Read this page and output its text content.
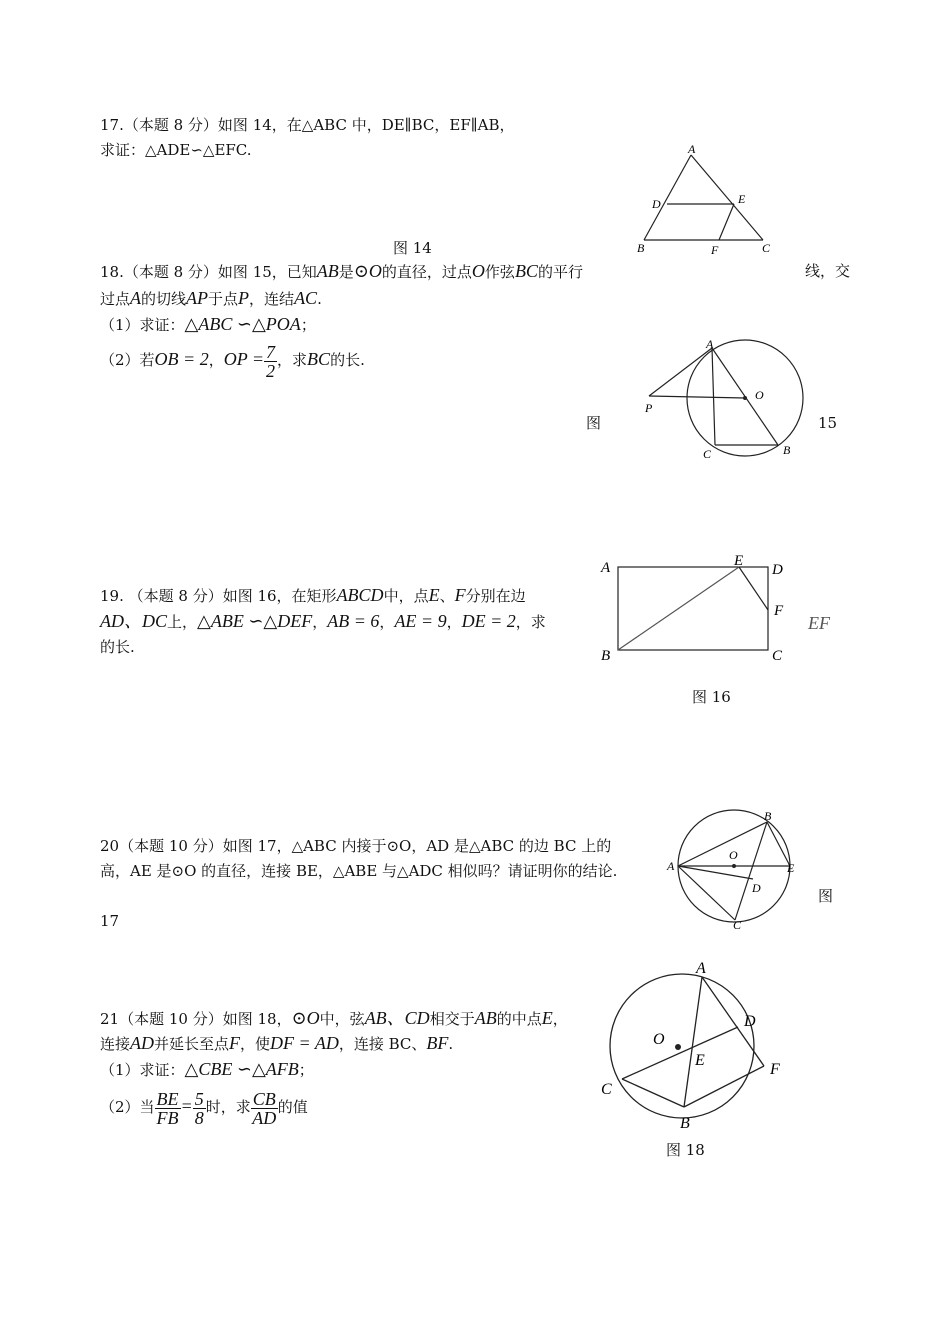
17.（本题 8 分）如图 14，在△ABC 中，DE∥BC，EF∥AB，
求证：△ADE∽△EFC.	A
D	E
B	F	C
图 14
18.（本题 8 分）如图 15，已知AB是⊙O的直径，过点O作弦BC的平行	线，交
过点A的切线AP于点P，连结AC.
（1）求证：△ABC ∽△POA；
（2）若OB = 2，OP = $\frac{7}{2}$ ，求BC的长.
图	15
A
O
P
C	B
19. （本题 8 分）如图 16，在矩形ABCD中，点E、F分别在边
AD、DC上，△ABE ∽△DEF，AB = 6，AE = 9，DE = 2，求	EF
的长.
A	E
D
F
B	C
图 16
20（本题 10 分）如图 17，△ABC 内接于⊙O，AD 是△ABC 的边 BC 上的
高，AE 是⊙O 的直径，连接 BE，△ABE 与△ADC 相似吗？请证明你的结论.
图
17
A
B
O
E
D
C
21（本题 10 分）如图 18，⊙O中，弦AB、CD相交于AB的中点E，
连接AD并延长至点F，使DF = AD，连接 BC、BF.
（1）求证：△CBE ∽△AFB；
（2）当 $\frac{BE}{FB} = \frac{5}{8}$ 时，求 $\frac{CB}{AD}$ 的值
A
D
O
E
F
C
B
图 18
